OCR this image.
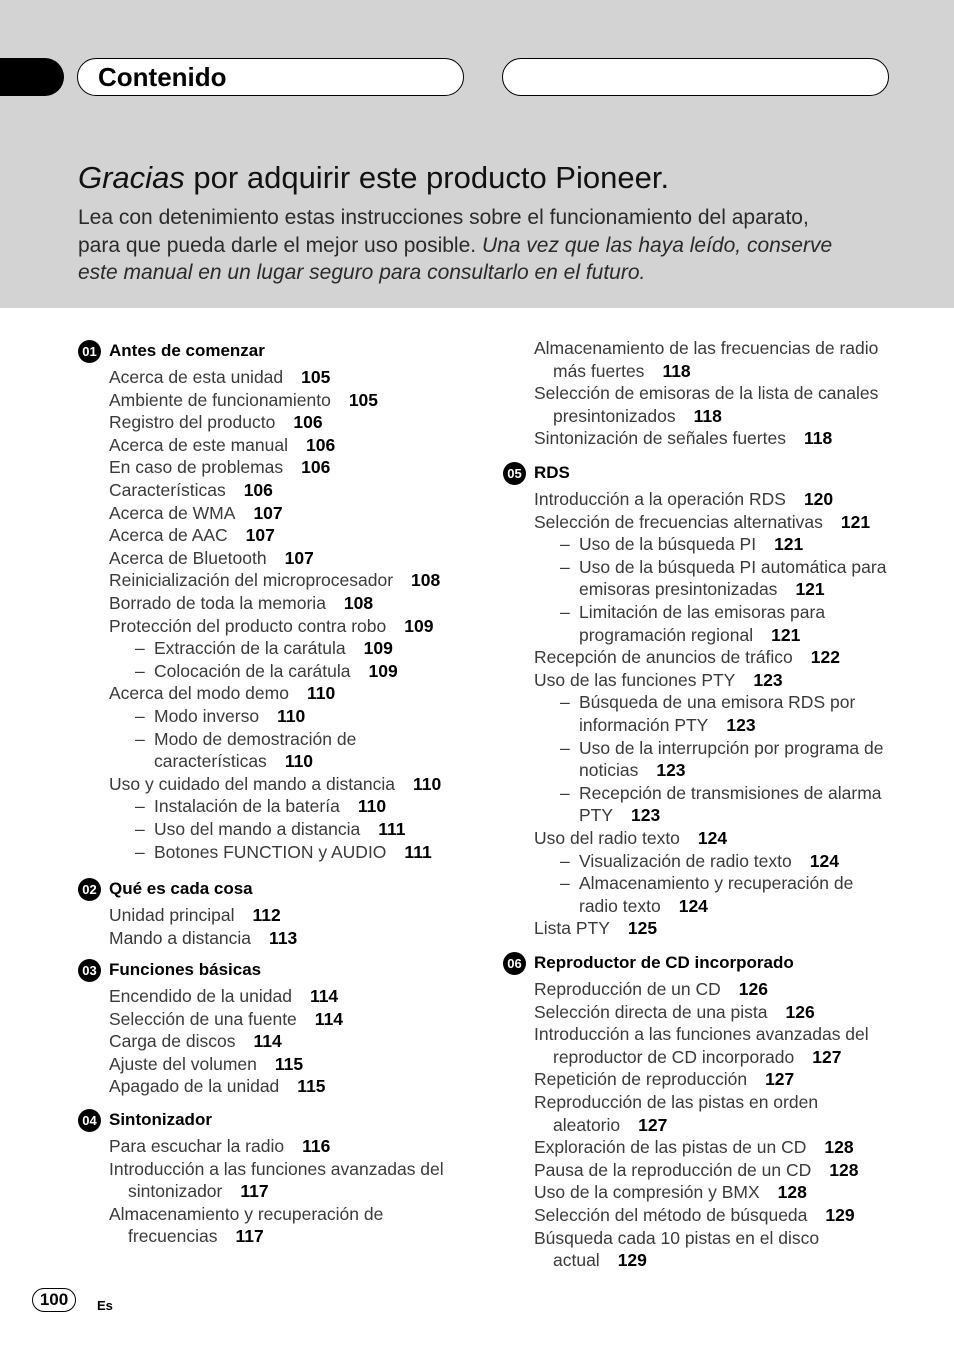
Contenido
Gracias por adquirir este producto Pioneer.
Lea con detenimiento estas instrucciones sobre el funcionamiento del aparato,
para que pueda darle el mejor uso posible. Una vez que las haya leído, conserve
este manual en un lugar seguro para consultarlo en el futuro.
01 Antes de comenzar
Acerca de esta unidad 105
Ambiente de funcionamiento 105
Registro del producto 106
Acerca de este manual 106
En caso de problemas 106
Características 106
Acerca de WMA 107
Acerca de AAC 107
Acerca de Bluetooth 107
Reinicialización del microprocesador 108
Borrado de toda la memoria 108
Protección del producto contra robo 109
– Extracción de la carátula 109
– Colocación de la carátula 109
Acerca del modo demo 110
– Modo inverso 110
– Modo de demostración de
características 110
Uso y cuidado del mando a distancia 110
– Instalación de la batería 110
– Uso del mando a distancia 111
– Botones FUNCTION y AUDIO 111
02 Qué es cada cosa
Unidad principal 112
Mando a distancia 113
03 Funciones básicas
Encendido de la unidad 114
Selección de una fuente 114
Carga de discos 114
Ajuste del volumen 115
Apagado de la unidad 115
04 Sintonizador
Para escuchar la radio 116
Introducción a las funciones avanzadas del
sintonizador 117
Almacenamiento y recuperación de
frecuencias 117
Almacenamiento de las frecuencias de radio
más fuertes 118
Selección de emisoras de la lista de canales
presintonizados 118
Sintonización de señales fuertes 118
05 RDS
Introducción a la operación RDS 120
Selección de frecuencias alternativas 121
– Uso de la búsqueda PI 121
– Uso de la búsqueda PI automática para
emisoras presintonizadas 121
– Limitación de las emisoras para
programación regional 121
Recepción de anuncios de tráfico 122
Uso de las funciones PTY 123
– Búsqueda de una emisora RDS por
información PTY 123
– Uso de la interrupción por programa de
noticias 123
– Recepción de transmisiones de alarma
PTY 123
Uso del radio texto 124
– Visualización de radio texto 124
– Almacenamiento y recuperación de
radio texto 124
Lista PTY 125
06 Reproductor de CD incorporado
Reproducción de un CD 126
Selección directa de una pista 126
Introducción a las funciones avanzadas del
reproductor de CD incorporado 127
Repetición de reproducción 127
Reproducción de las pistas en orden
aleatorio 127
Exploración de las pistas de un CD 128
Pausa de la reproducción de un CD 128
Uso de la compresión y BMX 128
Selección del método de búsqueda 129
Búsqueda cada 10 pistas en el disco
actual 129
100	Es
